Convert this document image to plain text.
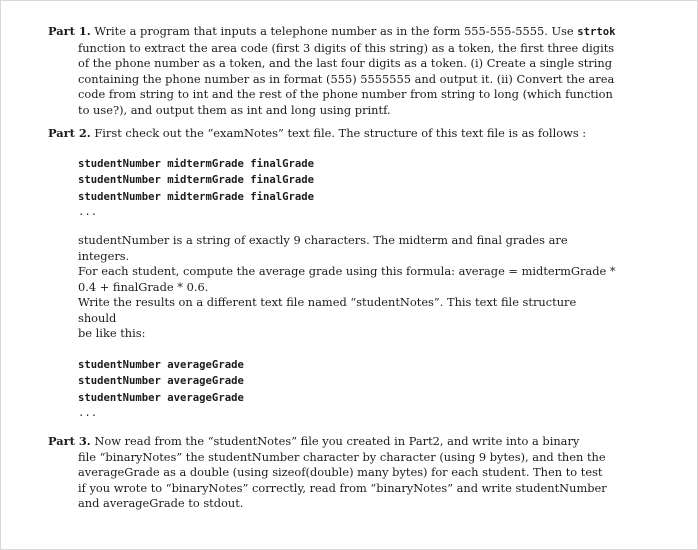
Part 1. Write a program that inputs a telephone number as in the form 555-555-5555. Use strtok
function to extract the area code (first 3 digits of this string) as a token, the first three digits
of the phone number as a token, and the last four digits as a token. (i) Create a single string
containing the phone number as in format (555) 5555555 and output it. (ii) Convert the area
code from string to int and the rest of the phone number from string to long (which function
to use?), and output them as int and long using printf.
Part 2. First check out the “examNotes” text file. The structure of this text file is as follows :
studentNumber midtermGrade finalGrade
studentNumber midtermGrade finalGrade
studentNumber midtermGrade finalGrade
...
studentNumber is a string of exactly 9 characters. The midterm and final grades are integers.
For each student, compute the average grade using this formula: average = midtermGrade *
0.4 + finalGrade * 0.6.
Write the results on a different text file named “studentNotes”. This text file structure should
be like this:
studentNumber averageGrade
studentNumber averageGrade
studentNumber averageGrade
...
Part 3. Now read from the “studentNotes” file you created in Part2, and write into a binary
file “binaryNotes” the studentNumber character by character (using 9 bytes), and then the
averageGrade as a double (using sizeof(double) many bytes) for each student. Then to test
if you wrote to “binaryNotes” correctly, read from “binaryNotes” and write studentNumber
and averageGrade to stdout.
